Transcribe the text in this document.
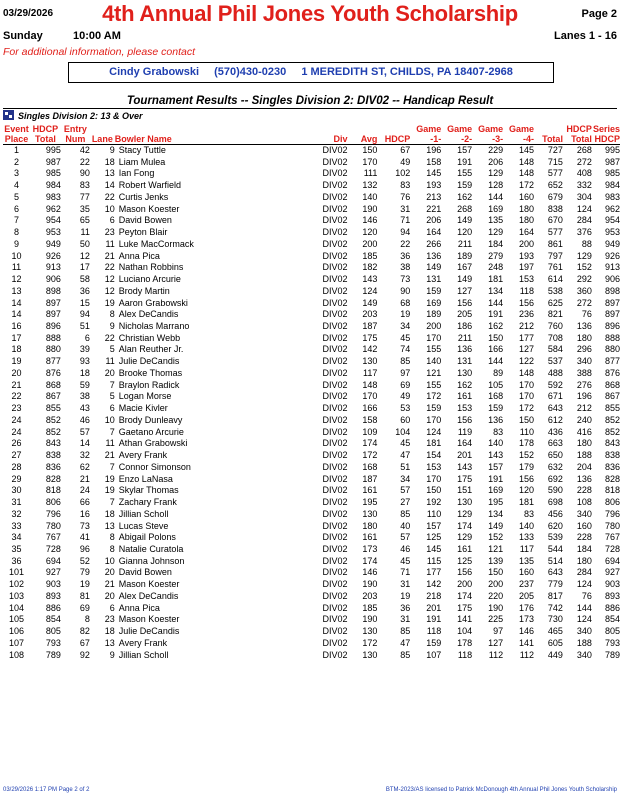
03/29/2026	4th Annual Phil Jones Youth Scholarship	Page 2
Sunday	10:00 AM	Lanes 1 - 16
For additional information, please contact
Cindy Grabowski (570)430-0230 1 MEREDITH ST, CHILDS, PA 18407-2968
Tournament Results -- Singles Division 2: DIV02 -- Handicap Result
Singles Division 2: 13 & Over
Event	HDCP	Entry						Game	Game	Game	Game		HDCP	Series
Place	Total	Num	Lane	Bowler Name	Div	Avg	HDCP	-1-	-2-	-3-	-4-	Total	Total	HDCP
1	995	42	9	Stacy Tuttle	DIV02	150	67	196	157	229	145	727	268	995
2	987	22	18	Liam Mulea	DIV02	170	49	158	191	206	148	715	272	987
3	985	90	13	Ian Fong	DIV02	111	102	145	155	129	148	577	408	985
4	984	83	14	Robert Warfield	DIV02	132	83	193	159	128	172	652	332	984
5	983	77	22	Curtis Jenks	DIV02	140	76	213	162	144	160	679	304	983
6	962	35	10	Mason Koester	DIV02	190	31	221	268	169	180	838	124	962
7	954	65	6	David Bowen	DIV02	146	71	206	149	135	180	670	284	954
8	953	11	23	Peyton Blair	DIV02	120	94	164	120	129	164	577	376	953
9	949	50	11	Luke MacCormack	DIV02	200	22	266	211	184	200	861	88	949
10	926	12	21	Anna Pica	DIV02	185	36	136	189	279	193	797	129	926
11	913	17	22	Nathan Robbins	DIV02	182	38	149	167	248	197	761	152	913
12	906	58	12	Luciano Arcurie	DIV02	143	73	131	149	181	153	614	292	906
13	898	36	12	Brody Martin	DIV02	124	90	159	127	134	118	538	360	898
14	897	15	19	Aaron Grabowski	DIV02	149	68	169	156	144	156	625	272	897
14	897	94	8	Alex DeCandis	DIV02	203	19	189	205	191	236	821	76	897
16	896	51	9	Nicholas Marrano	DIV02	187	34	200	186	162	212	760	136	896
17	888	6	22	Christian Webb	DIV02	175	45	170	211	150	177	708	180	888
18	880	39	5	Alan Reuther Jr.	DIV02	142	74	155	136	166	127	584	296	880
19	877	93	11	Julie DeCandis	DIV02	130	85	140	131	144	122	537	340	877
20	876	18	20	Brooke Thomas	DIV02	117	97	121	130	89	148	488	388	876
21	868	59	7	Braylon Radick	DIV02	148	69	155	162	105	170	592	276	868
22	867	38	5	Logan Morse	DIV02	170	49	172	161	168	170	671	196	867
23	855	43	6	Macie Kivler	DIV02	166	53	159	153	159	172	643	212	855
24	852	46	10	Brody Dunleavy	DIV02	158	60	170	156	136	150	612	240	852
24	852	57	7	Gaetano Arcurie	DIV02	109	104	124	119	83	110	436	416	852
26	843	14	11	Athan Grabowski	DIV02	174	45	181	164	140	178	663	180	843
27	838	32	21	Avery Frank	DIV02	172	47	154	201	143	152	650	188	838
28	836	62	7	Connor Simonson	DIV02	168	51	153	143	157	179	632	204	836
29	828	21	19	Enzo LaNasa	DIV02	187	34	170	175	191	156	692	136	828
30	818	24	19	Skylar Thomas	DIV02	161	57	150	151	169	120	590	228	818
31	806	66	7	Zachary Frank	DIV02	195	27	192	130	195	181	698	108	806
32	796	16	18	Jillian Scholl	DIV02	130	85	110	129	134	83	456	340	796
33	780	73	13	Lucas Steve	DIV02	180	40	157	174	149	140	620	160	780
34	767	41	8	Abigail Polons	DIV02	161	57	125	129	152	133	539	228	767
35	728	96	8	Natalie Curatola	DIV02	173	46	145	161	121	117	544	184	728
36	694	52	10	Gianna Johnson	DIV02	174	45	115	125	139	135	514	180	694
101	927	79	20	David Bowen	DIV02	146	71	177	156	150	160	643	284	927
102	903	19	21	Mason Koester	DIV02	190	31	142	200	200	237	779	124	903
103	893	81	20	Alex DeCandis	DIV02	203	19	218	174	220	205	817	76	893
104	886	69	6	Anna Pica	DIV02	185	36	201	175	190	176	742	144	886
105	854	8	23	Mason Koester	DIV02	190	31	191	141	225	173	730	124	854
106	805	82	18	Julie DeCandis	DIV02	130	85	118	104	97	146	465	340	805
107	793	67	13	Avery Frank	DIV02	172	47	159	178	127	141	605	188	793
108	789	92	9	Jillian Scholl	DIV02	130	85	107	118	112	112	449	340	789
03/29/2026 1:17 PM Page 2 of 2	BTM-2023/AS licensed to Patrick McDonough 4th Annual Phil Jones Youth Scholarship
